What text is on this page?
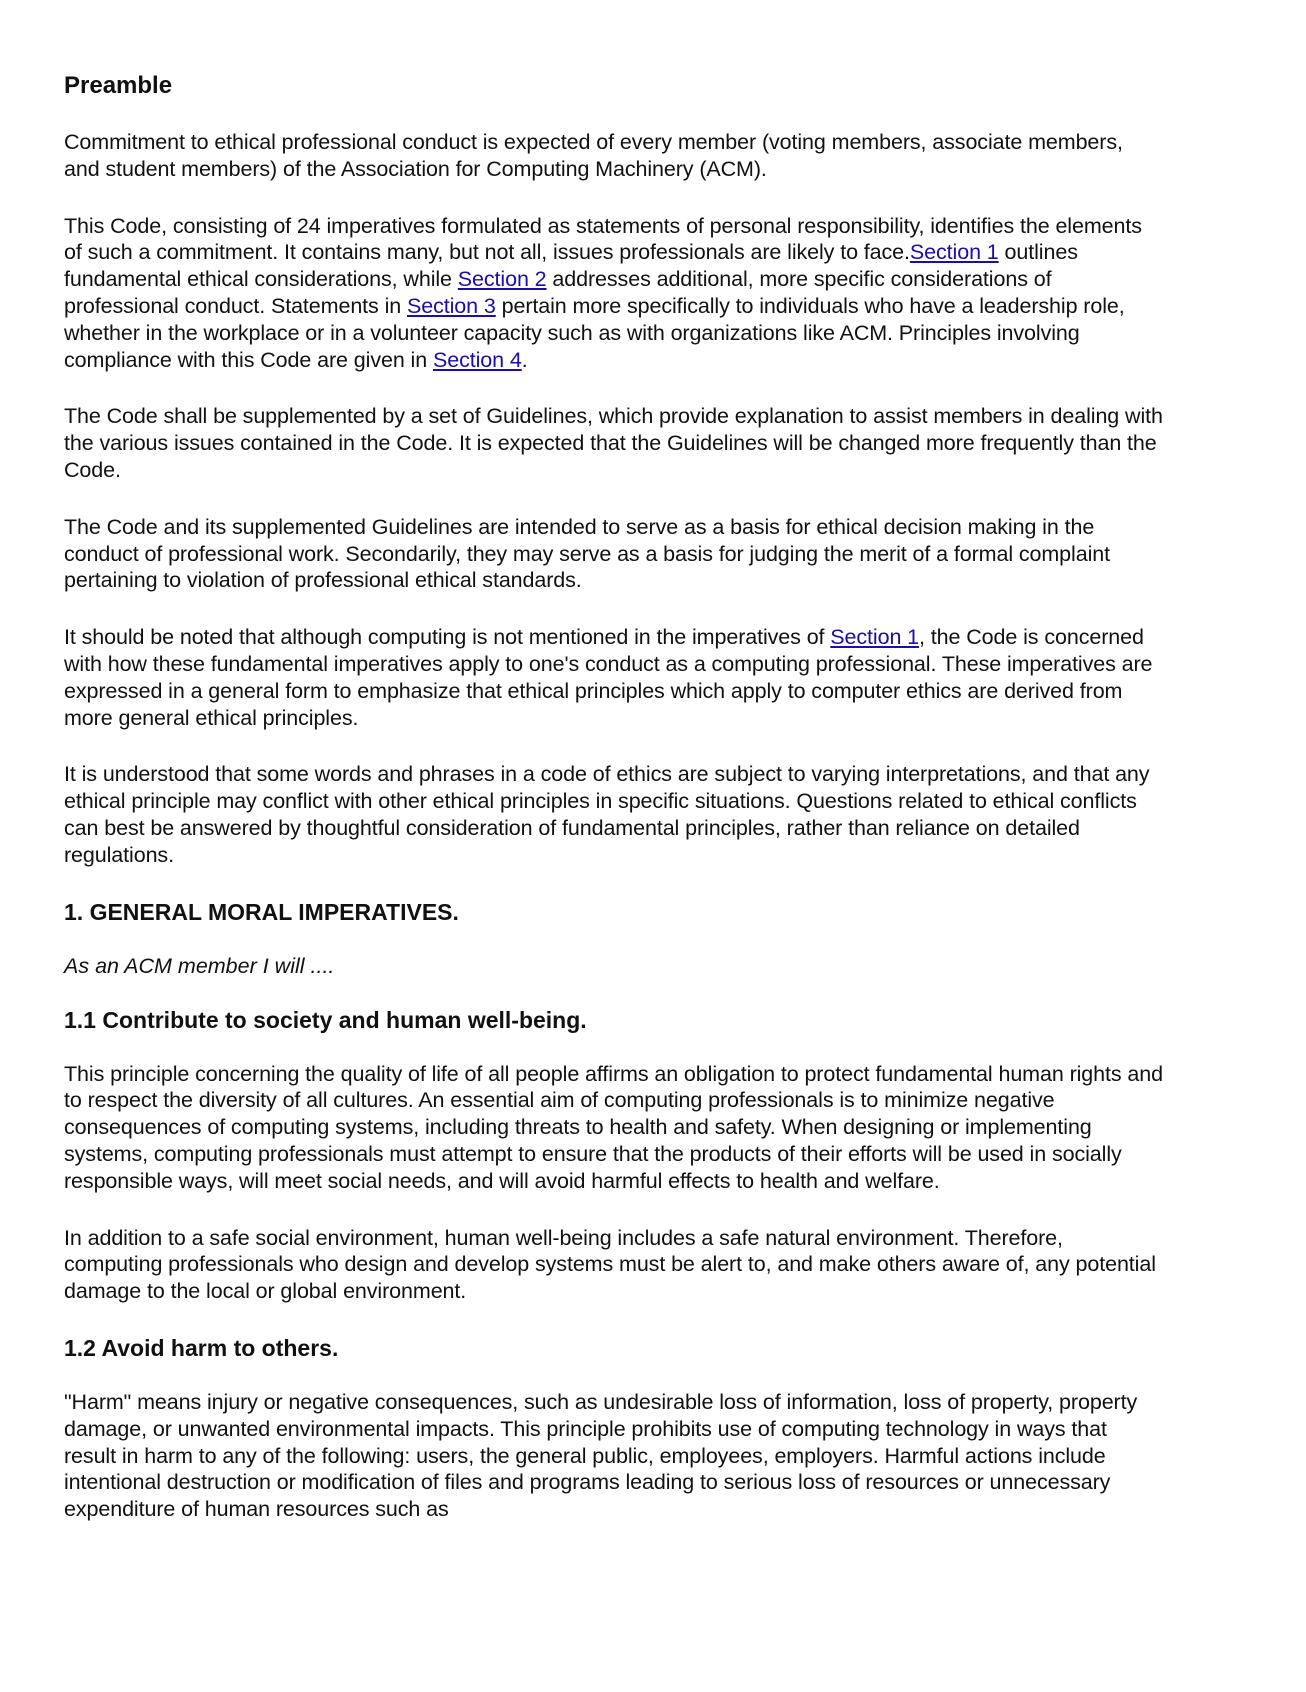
Preamble

Commitment to ethical professional conduct is expected of every member (voting members, associate members, and student members) of the Association for Computing Machinery (ACM).

This Code, consisting of 24 imperatives formulated as statements of personal responsibility, identifies the elements of such a commitment. It contains many, but not all, issues professionals are likely to face.Section 1 outlines fundamental ethical considerations, while Section 2 addresses additional, more specific considerations of professional conduct. Statements in Section 3 pertain more specifically to individuals who have a leadership role, whether in the workplace or in a volunteer capacity such as with organizations like ACM. Principles involving compliance with this Code are given in Section 4.

The Code shall be supplemented by a set of Guidelines, which provide explanation to assist members in dealing with the various issues contained in the Code. It is expected that the Guidelines will be changed more frequently than the Code.

The Code and its supplemented Guidelines are intended to serve as a basis for ethical decision making in the conduct of professional work. Secondarily, they may serve as a basis for judging the merit of a formal complaint pertaining to violation of professional ethical standards.

It should be noted that although computing is not mentioned in the imperatives of Section 1, the Code is concerned with how these fundamental imperatives apply to one's conduct as a computing professional. These imperatives are expressed in a general form to emphasize that ethical principles which apply to computer ethics are derived from more general ethical principles.

It is understood that some words and phrases in a code of ethics are subject to varying interpretations, and that any ethical principle may conflict with other ethical principles in specific situations. Questions related to ethical conflicts can best be answered by thoughtful consideration of fundamental principles, rather than reliance on detailed regulations.

1. GENERAL MORAL IMPERATIVES.

As an ACM member I will ....

1.1 Contribute to society and human well-being.

This principle concerning the quality of life of all people affirms an obligation to protect fundamental human rights and to respect the diversity of all cultures. An essential aim of computing professionals is to minimize negative consequences of computing systems, including threats to health and safety. When designing or implementing systems, computing professionals must attempt to ensure that the products of their efforts will be used in socially responsible ways, will meet social needs, and will avoid harmful effects to health and welfare.

In addition to a safe social environment, human well-being includes a safe natural environment. Therefore, computing professionals who design and develop systems must be alert to, and make others aware of, any potential damage to the local or global environment.

1.2 Avoid harm to others.

"Harm" means injury or negative consequences, such as undesirable loss of information, loss of property, property damage, or unwanted environmental impacts. This principle prohibits use of computing technology in ways that result in harm to any of the following: users, the general public, employees, employers. Harmful actions include intentional destruction or modification of files and programs leading to serious loss of resources or unnecessary expenditure of human resources such as
